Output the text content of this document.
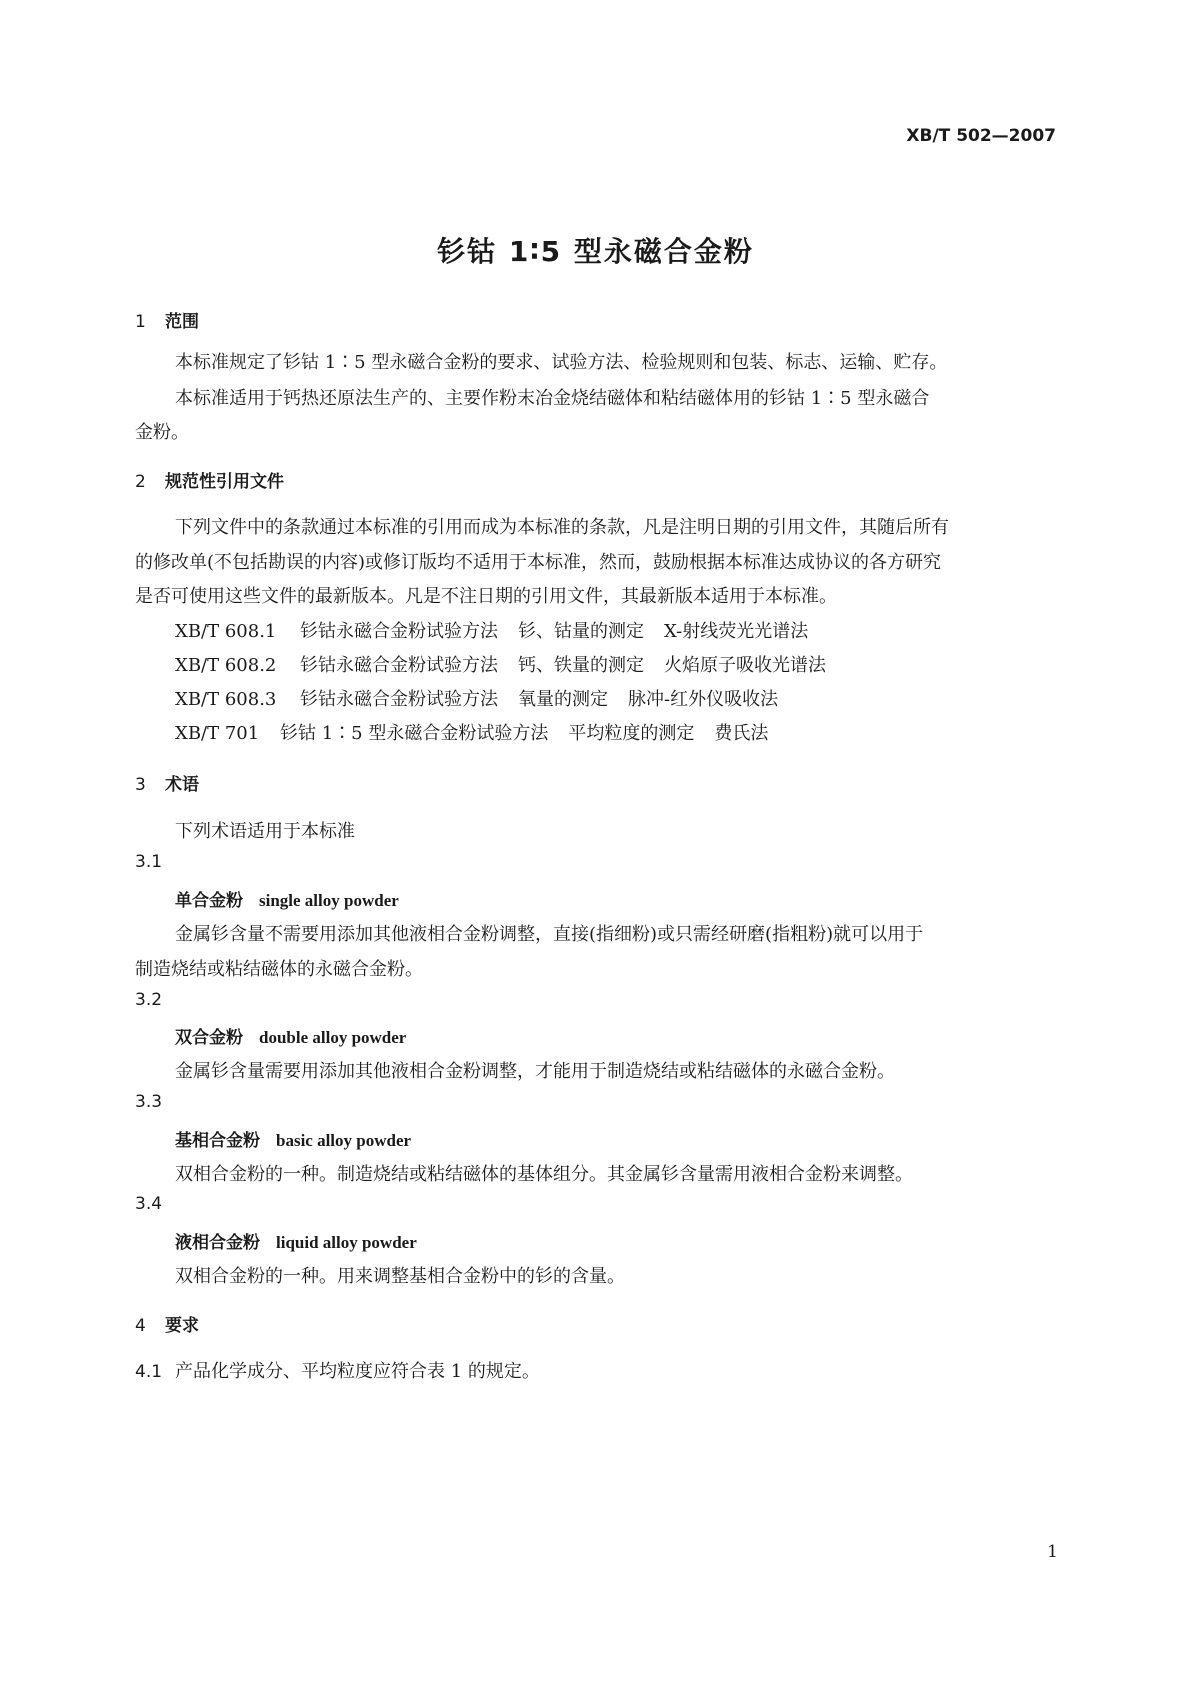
XB/T 502—2007
钐钴 1∶5 型永磁合金粉
1 范围
本标准规定了钐钴 1∶5 型永磁合金粉的要求、试验方法、检验规则和包装、标志、运输、贮存。
本标准适用于钙热还原法生产的、主要作粉末冶金烧结磁体和粘结磁体用的钐钴 1∶5 型永磁合
金粉。
2 规范性引用文件
下列文件中的条款通过本标准的引用而成为本标准的条款，凡是注明日期的引用文件，其随后所有
的修改单(不包括勘误的内容)或修订版均不适用于本标准，然而，鼓励根据本标准达成协议的各方研究
是否可使用这些文件的最新版本。凡是不注日期的引用文件，其最新版本适用于本标准。
XB/T 608.1 钐钴永磁合金粉试验方法 钐、钴量的测定 X-射线荧光光谱法
XB/T 608.2 钐钴永磁合金粉试验方法 钙、铁量的测定 火焰原子吸收光谱法
XB/T 608.3 钐钴永磁合金粉试验方法 氧量的测定 脉冲-红外仪吸收法
XB/T 701 钐钴 1∶5 型永磁合金粉试验方法 平均粒度的测定 费氏法
3 术语
下列术语适用于本标准
3.1
单合金粉 single alloy powder
金属钐含量不需要用添加其他液相合金粉调整，直接(指细粉)或只需经研磨(指粗粉)就可以用于
制造烧结或粘结磁体的永磁合金粉。
3.2
双合金粉 double alloy powder
金属钐含量需要用添加其他液相合金粉调整，才能用于制造烧结或粘结磁体的永磁合金粉。
3.3
基相合金粉 basic alloy powder
双相合金粉的一种。制造烧结或粘结磁体的基体组分。其金属钐含量需用液相合金粉来调整。
3.4
液相合金粉 liquid alloy powder
双相合金粉的一种。用来调整基相合金粉中的钐的含量。
4 要求
4.1 产品化学成分、平均粒度应符合表 1 的规定。
1
